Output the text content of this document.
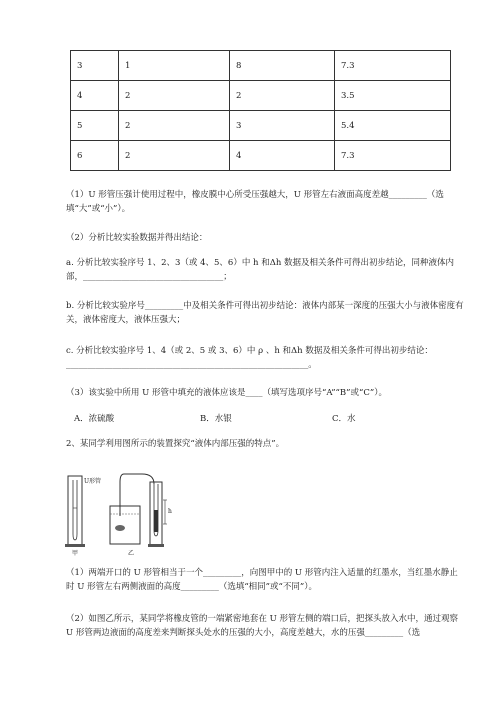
3	1	8	7.3
4	2	2	3.5
5	2	3	5.4
6	2	4	7.3
（1）U 形管压强计使用过程中，橡皮膜中心所受压强越大，U 形管左右液面高度差越_________（选填“大”或“小”）。
（2）分析比较实验数据并得出结论：
a. 分析比较实验序号 1、2、3（或 4、5、6）中 h 和Δh 数据及相关条件可得出初步结论，同种液体内部，_________________________________；
b. 分析比较实验序号_________中及相关条件可得出初步结论：液体内部某一深度的压强大小与液体密度有关，液体密度大，液体压强大；
c. 分析比较实验序号 1、4（或 2、5 或 3、6）中 ρ 、h 和Δh 数据及相关条件可得出初步结论：_________________________________________________________。
（3）该实验中所用 U 形管中填充的液体应该是____（填写选项序号“A”“B”或“C”）。
A．浓硫酸	B．水银	C．水
2、某同学利用图所示的装置探究“液体内部压强的特点”。
U形管
h
甲	乙
（1）两端开口的 U 形管相当于一个_________，向图甲中的 U 形管内注入适量的红墨水，当红墨水静止时 U 形管左右两侧液面的高度_________（选填“相同”或“不同”）。
（2）如图乙所示，某同学将橡皮管的一端紧密地套在 U 形管左侧的端口后，把探头放入水中，通过观察 U 形管两边液面的高度差来判断探头处水的压强的大小，高度差越大，水的压强_________（选
